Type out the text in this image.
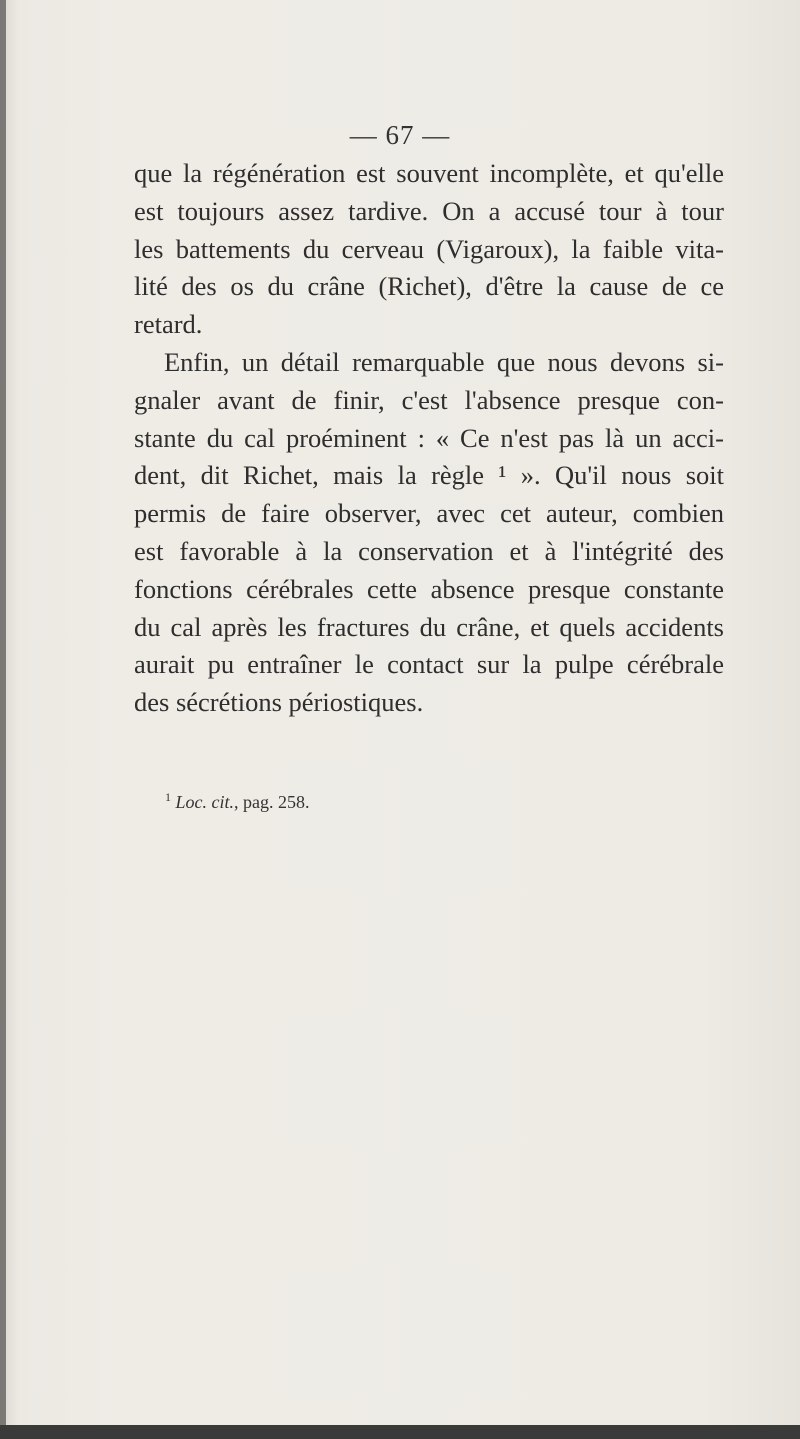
— 67 —
que la régénération est souvent incomplète, et qu'elle
est toujours assez tardive. On a accusé tour à tour
les battements du cerveau (Vigaroux), la faible vita-
lité des os du crâne (Richet), d'être la cause de ce
retard.
Enfin, un détail remarquable que nous devons si-
gnaler avant de finir, c'est l'absence presque con-
stante du cal proéminent : « Ce n'est pas là un acci-
dent, dit Richet, mais la règle ¹ ». Qu'il nous soit
permis de faire observer, avec cet auteur, combien
est favorable à la conservation et à l'intégrité des
fonctions cérébrales cette absence presque constante
du cal après les fractures du crâne, et quels accidents
aurait pu entraîner le contact sur la pulpe cérébrale
des sécrétions périostiques.
$^1$ Loc. cit., pag. 258.
